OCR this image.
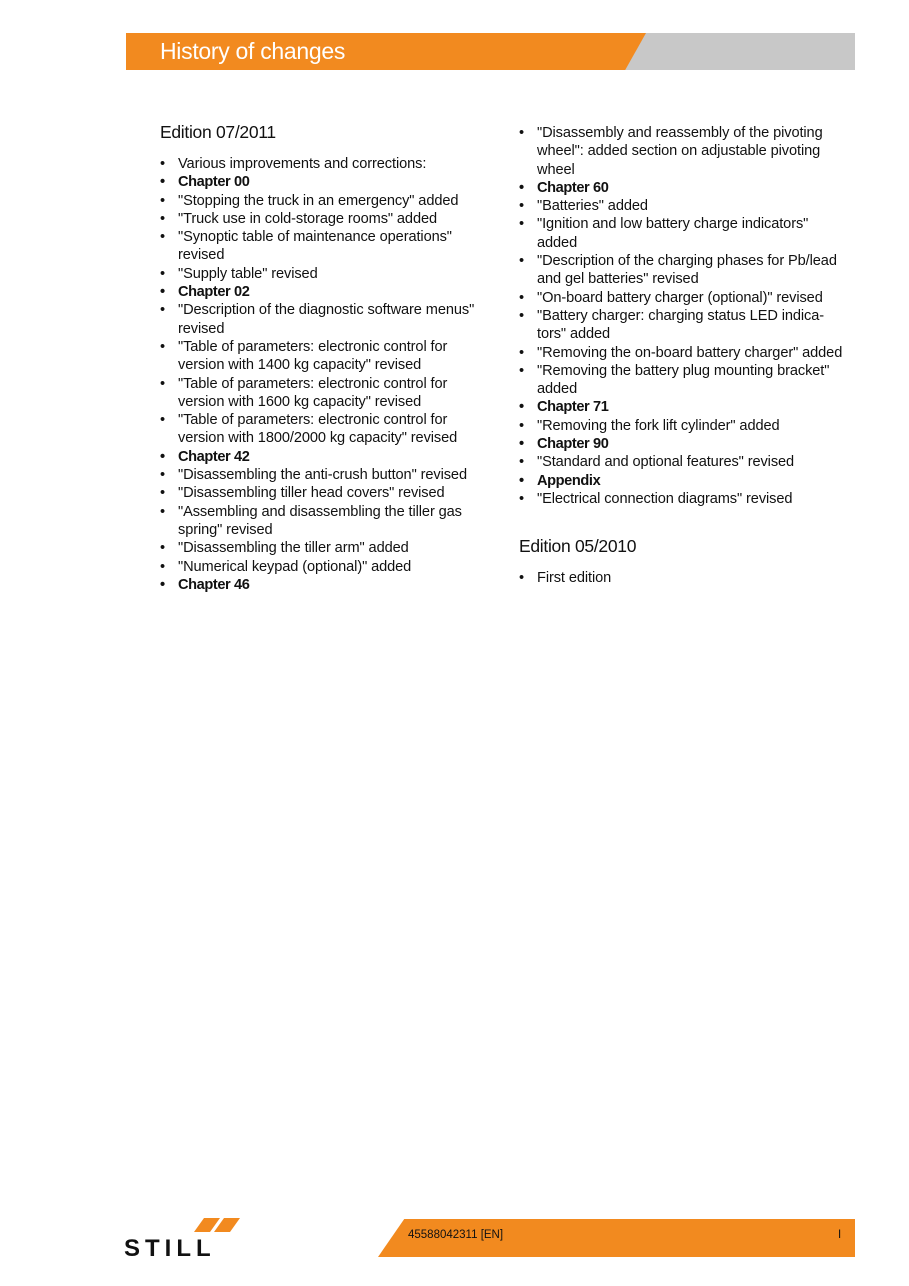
History of changes
Edition 07/2011
• Various improvements and corrections:
• Chapter 00
• "Stopping the truck in an emergency" added
• "Truck use in cold-storage rooms" added
• "Synoptic table of maintenance operations" revised
• "Supply table" revised
• Chapter 02
• "Description of the diagnostic software menus" revised
• "Table of parameters: electronic control for version with 1400 kg capacity" revised
• "Table of parameters: electronic control for version with 1600 kg capacity" revised
• "Table of parameters: electronic control for version with 1800/2000 kg capacity" revised
• Chapter 42
• "Disassembling the anti-crush button" revised
• "Disassembling tiller head covers" revised
• "Assembling and disassembling the tiller gas spring" revised
• "Disassembling the tiller arm" added
• "Numerical keypad (optional)" added
• Chapter 46
• "Disassembly and reassembly of the pivoting wheel": added section on adjustable pivoting wheel
• Chapter 60
• "Batteries" added
• "Ignition and low battery charge indicators" added
• "Description of the charging phases for Pb/lead and gel batteries" revised
• "On-board battery charger (optional)" revised
• "Battery charger: charging status LED indica-tors" added
• "Removing the on-board battery charger" added
• "Removing the battery plug mounting bracket" added
• Chapter 71
• "Removing the fork lift cylinder" added
• Chapter 90
• "Standard and optional features" revised
• Appendix
• "Electrical connection diagrams" revised
Edition 05/2010
• First edition
STILL	45588042311 [EN]	I
